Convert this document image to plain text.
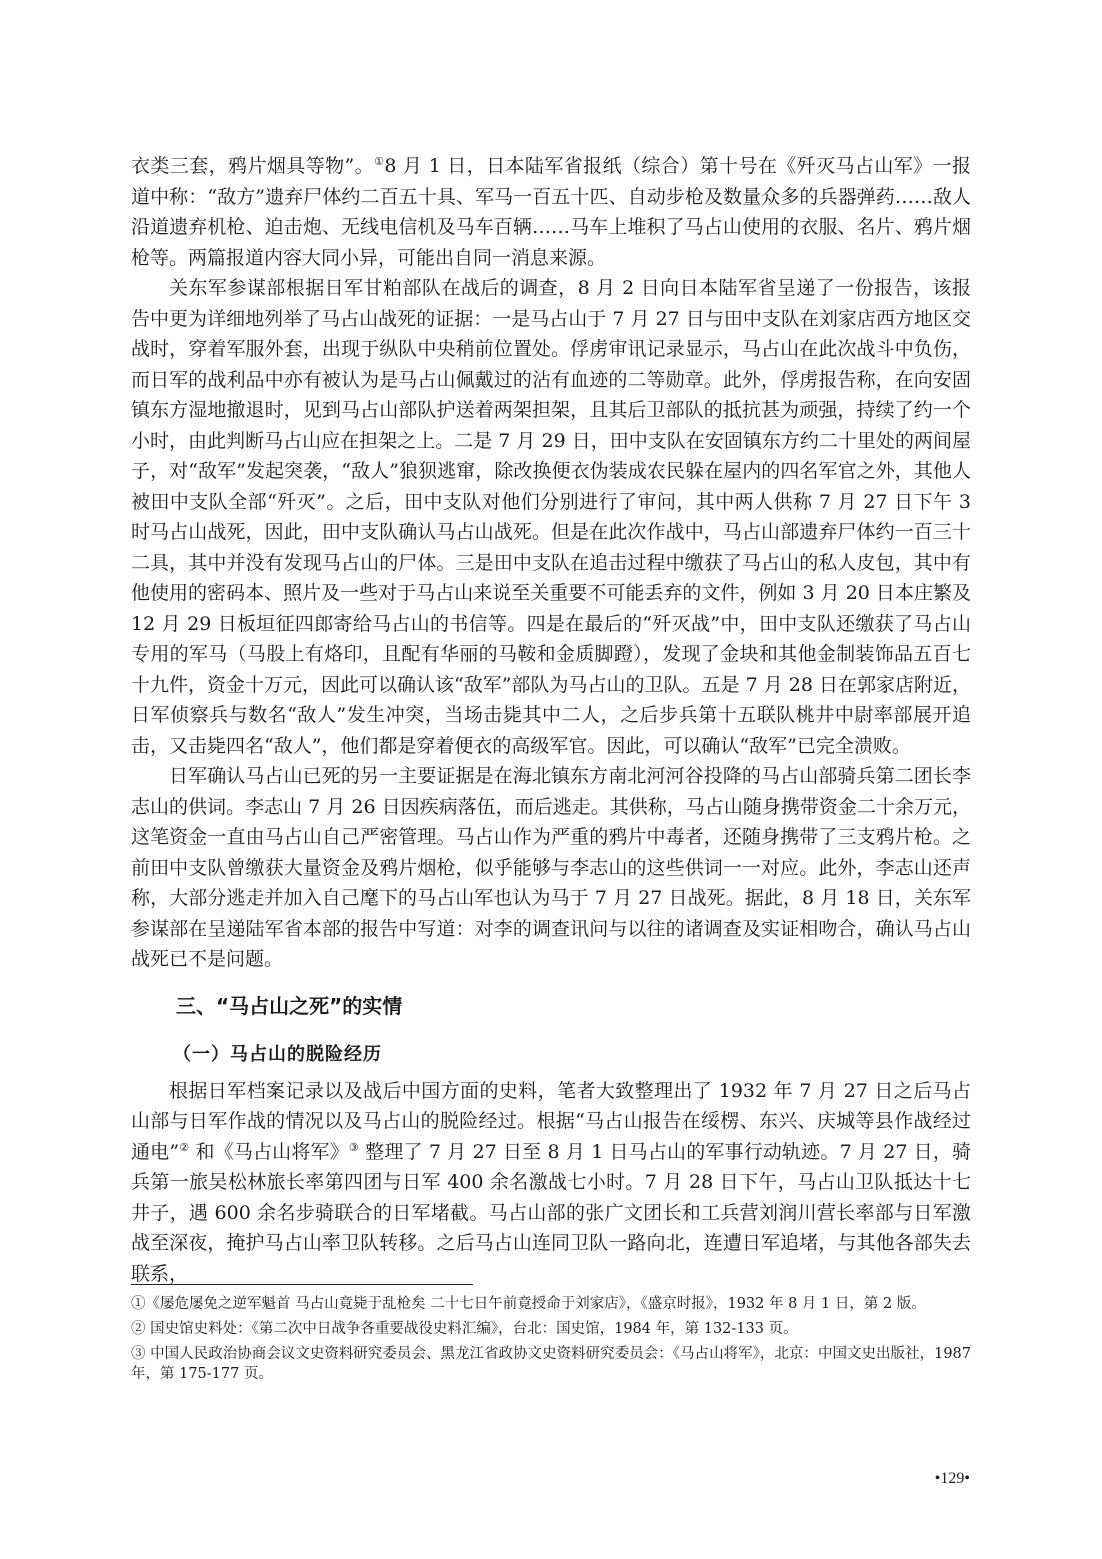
衣类三套，鸦片烟具等物”。①8 月 1 日，日本陆军省报纸（综合）第十号在《歼灭马占山军》一报道中称：“敌方”遗弃尸体约二百五十具、军马一百五十匹、自动步枪及数量众多的兵器弹药……敌人沿道遗弃机枪、迫击炮、无线电信机及马车百辆……马车上堆积了马占山使用的衣服、名片、鸦片烟枪等。两篇报道内容大同小异，可能出自同一消息来源。

关东军参谋部根据日军甘粕部队在战后的调查，8 月 2 日向日本陆军省呈递了一份报告，该报告中更为详细地列举了马占山战死的证据：一是马占山于 7 月 27 日与田中支队在刘家店西方地区交战时，穿着军服外套，出现于纵队中央稍前位置处。俘虏审讯记录显示，马占山在此次战斗中负伤，而日军的战利品中亦有被认为是马占山佩戴过的沾有血迹的二等勋章。此外，俘虏报告称，在向安固镇东方湿地撤退时，见到马占山部队护送着两架担架，且其后卫部队的抵抗甚为顽强，持续了约一个小时，由此判断马占山应在担架之上。二是 7 月 29 日，田中支队在安固镇东方约二十里处的两间屋子，对“敌军”发起突袭，“敌人”狼狈逃窜，除改换便衣伪装成农民躲在屋内的四名军官之外，其他人被田中支队全部“歼灭”。之后，田中支队对他们分别进行了审问，其中两人供称 7 月 27 日下午 3 时马占山战死，因此，田中支队确认马占山战死。但是在此次作战中，马占山部遗弃尸体约一百三十二具，其中并没有发现马占山的尸体。三是田中支队在追击过程中缴获了马占山的私人皮包，其中有他使用的密码本、照片及一些对于马占山来说至关重要不可能丢弃的文件，例如 3 月 20 日本庄繁及 12 月 29 日板垣征四郎寄给马占山的书信等。四是在最后的“歼灭战”中，田中支队还缴获了马占山专用的军马（马股上有烙印，且配有华丽的马鞍和金质脚蹬），发现了金块和其他金制装饰品五百七十九件，资金十万元，因此可以确认该“敌军”部队为马占山的卫队。五是 7 月 28 日在郭家店附近，日军侦察兵与数名“敌人”发生冲突，当场击毙其中二人，之后步兵第十五联队桃井中尉率部展开追击，又击毙四名“敌人”，他们都是穿着便衣的高级军官。因此，可以确认“敌军”已完全溃败。

日军确认马占山已死的另一主要证据是在海北镇东方南北河河谷投降的马占山部骑兵第二团长李志山的供词。李志山 7 月 26 日因疾病落伍，而后逃走。其供称，马占山随身携带资金二十余万元，这笔资金一直由马占山自己严密管理。马占山作为严重的鸦片中毒者，还随身携带了三支鸦片枪。之前田中支队曾缴获大量资金及鸦片烟枪，似乎能够与李志山的这些供词一一对应。此外，李志山还声称，大部分逃走并加入自己麾下的马占山军也认为马于 7 月 27 日战死。据此，8 月 18 日，关东军参谋部在呈递陆军省本部的报告中写道：对李的调查讯问与以往的诸调查及实证相吻合，确认马占山战死已不是问题。

三、“马占山之死”的实情
（一）马占山的脱险经历

根据日军档案记录以及战后中国方面的史料，笔者大致整理出了 1932 年 7 月 27 日之后马占山部与日军作战的情况以及马占山的脱险经过。根据“马占山报告在绥楞、东兴、庆城等县作战经过通电”② 和《马占山将军》③ 整理了 7 月 27 日至 8 月 1 日马占山的军事行动轨迹。7 月 27 日，骑兵第一旅吴松林旅长率第四团与日军 400 余名激战七小时。7 月 28 日下午，马占山卫队抵达十七井子，遇 600 余名步骑联合的日军堵截。马占山部的张广文团长和工兵营刘润川营长率部与日军激战至深夜，掩护马占山率卫队转移。之后马占山连同卫队一路向北，连遭日军追堵，与其他各部失去联系，

①《屡危屡免之逆军魁首 马占山竟毙于乱枪矣 二十七日午前竟授命于刘家店》，《盛京时报》，1932 年 8 月 1 日，第 2 版。

② 国史馆史料处：《第二次中日战争各重要战役史料汇编》，台北：国史馆，1984 年，第 132-133 页。

③ 中国人民政治协商会议文史资料研究委员会、黑龙江省政协文史资料研究委员会：《马占山将军》，北京：中国文史出版社，1987 年，第 175-177 页。

•129•
